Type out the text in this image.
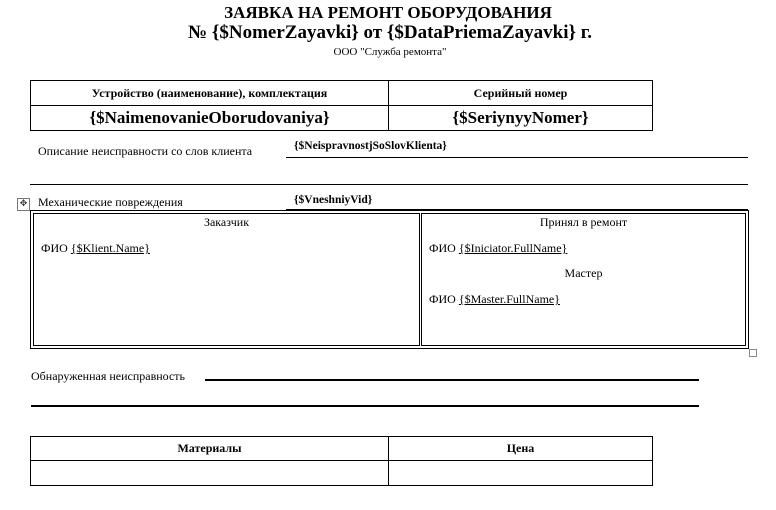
ЗАЯВКА НА РЕМОНТ ОБОРУДОВАНИЯ
№ {$NomerZayavki} от {$DataPriemaZayavki} г.
ООО "Служба ремонта"
Устройство (наименование), комплектация	Серийный номер
{$NaimenovanieOborudovaniya}	{$SeriynyyNomer}
Описание неисправности со слов клиента	{$NeispravnostjSoSlovKlienta}
✥ Механические повреждения	{$VneshniyVid}
Заказчик
ФИО {$Klient.Name}
Принял в ремонт
ФИО {$Iniciator.FullName}
Мастер
ФИО {$Master.FullName}
Обнаруженная неисправность
Материалы	Цена
